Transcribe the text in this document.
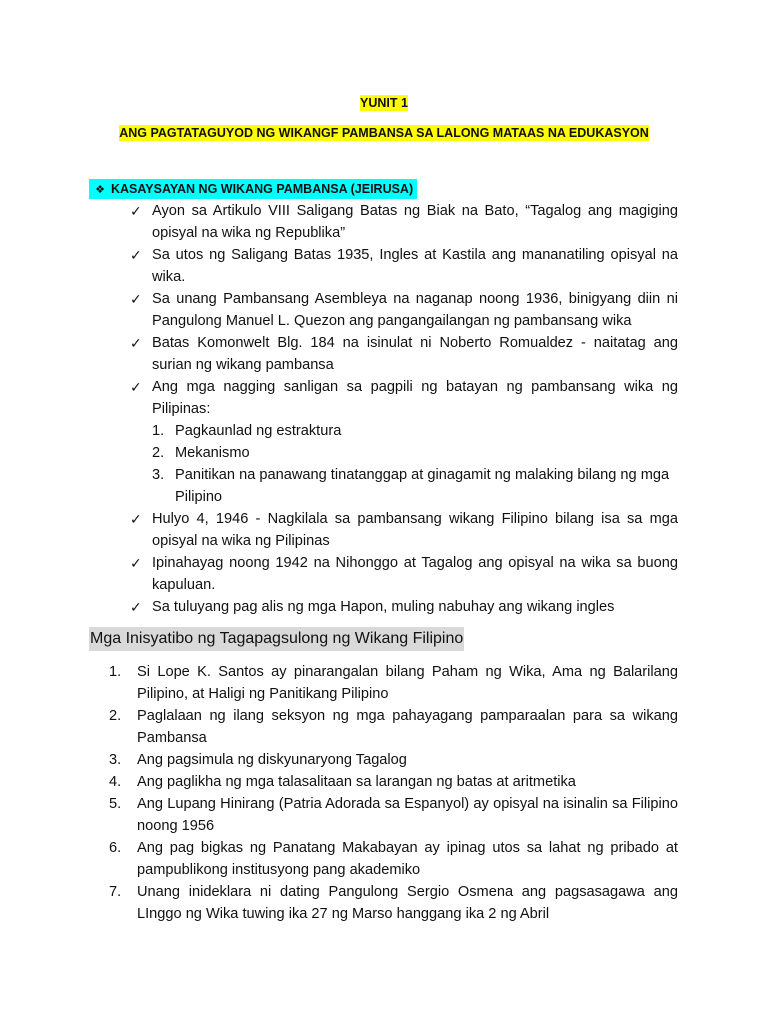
YUNIT 1
ANG PAGTATAGUYOD NG WIKANGF PAMBANSA SA LALONG MATAAS NA EDUKASYON
❖ KASAYSAYAN NG WIKANG PAMBANSA (JEIRUSA)
✓ Ayon sa Artikulo VIII Saligang Batas ng Biak na Bato, “Tagalog ang magiging opisyal na wika ng Republika”
✓ Sa utos ng Saligang Batas 1935, Ingles at Kastila ang mananatiling opisyal na wika.
✓ Sa unang Pambansang Asembleya na naganap noong 1936, binigyang diin ni Pangulong Manuel L. Quezon ang pangangailangan ng pambansang wika
✓ Batas Komonwelt Blg. 184 na isinulat ni Noberto Romualdez - naitatag ang surian ng wikang pambansa
✓ Ang mga nagging sanligan sa pagpili ng batayan ng pambansang wika ng Pilipinas:
1. Pagkaunlad ng estraktura
2. Mekanismo
3. Panitikan na panawang tinatanggap at ginagamit ng malaking bilang ng mga Pilipino
✓ Hulyo 4, 1946 - Nagkilala sa pambansang wikang Filipino bilang isa sa mga opisyal na wika ng Pilipinas
✓ Ipinahayag noong 1942 na Nihonggo at Tagalog ang opisyal na wika sa buong kapuluan.
✓ Sa tuluyang pag alis ng mga Hapon, muling nabuhay ang wikang ingles
Mga Inisyatibo ng Tagapagsulong ng Wikang Filipino
1. Si Lope K. Santos ay pinarangalan bilang Paham ng Wika, Ama ng Balarilang Pilipino, at Haligi ng Panitikang Pilipino
2. Paglalaan ng ilang seksyon ng mga pahayagang pamparaalan para sa wikang Pambansa
3. Ang pagsimula ng diskyunaryong Tagalog
4. Ang paglikha ng mga talasalitaan sa larangan ng batas at aritmetika
5. Ang Lupang Hinirang (Patria Adorada sa Espanyol) ay opisyal na isinalin sa Filipino noong 1956
6. Ang pag bigkas ng Panatang Makabayan ay ipinag utos sa lahat ng pribado at pampublikong institusyong pang akademiko
7. Unang inideklara ni dating Pangulong Sergio Osmena ang pagsasagawa ang LInggo ng Wika tuwing ika 27 ng Marso hanggang ika 2 ng Abril
